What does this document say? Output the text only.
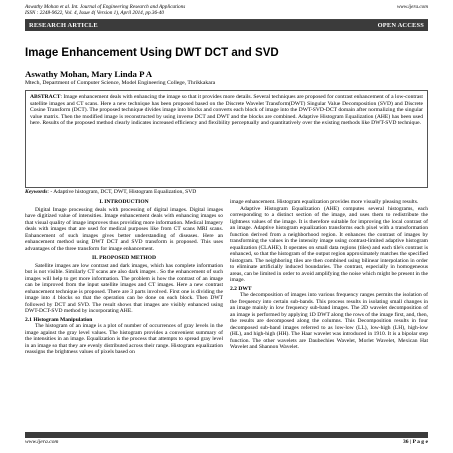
Aswathy Mohan et al. Int. Journal of Engineering Research and Applications
ISSN : 2248-9622, Vol. 4, Issue 4( Version 1), April 2014, pp.36-40
www.ijera.com
RESEARCH ARTICLE	OPEN ACCESS
Image Enhancement Using DWT DCT and SVD
Aswathy Mohan, Mary Linda P A
Mtech, Department of Computer Science, Model Engineering College, Thrikkakara
ABSTRACT: Image enhancement deals with enhancing the image so that it provides more details. Several techniques are proposed for contrast enhancement of a low-contrast satellite images and CT scans. Here a new technique has been proposed based on the Discrete Wavelet Transform(DWT) Singular Value Decomposition (SVD) and Discrete Cosine Transform (DCT). The proposed technique divides image into blocks and converts each block of image into the DWT-SVD-DCT domain after normalizing the singular value matrix. Then the modified image is reconstructed by using inverse DCT and DWT and the blocks are combined. Adaptive Histogram Equalization (AHE) has been used here. Results of the proposed method clearly indicates increased efficiency and flexibility perceptually and quantitatively over the existing methods like DWT-SVD technique.
Keywords: - Adaptive histogram, DCT, DWT, Histogram Equalization, SVD
I. INTRODUCTION

Digital Image processing deals with processing of digital images. Digital images have digitized value of intensities. Image enhancement deals with enhancing images so that visual quality of image improves thus providing more information. Medical Imagery deals with images that are used for medical purposes like from CT scans MRI scans. Enhancement of such images gives better understanding of diseases. Here an enhancement method using DWT DCT and SVD transform is proposed. This uses advantages of the three transform for image enhancement.

II. PROPOSED METHOD

Satellite images are low contrast and dark images, which has complete information but is not visible. Similarly CT scans are also dark images . So the enhancement of such images will help to get more information. The problem is how the contrast of an image can be improved from the input satellite images and CT images. Here a new contrast enhancement technique is proposed. There are 3 parts involved. First one is dividing the image into 4 blocks so that the operation can be done on each block. Then DWT followed by DCT and SVD. The result shows that images are visibly enhanced using DWT-DCT-SVD method by incorporating AHE.

2.1 Histogram Manipulation

The histogram of an image is a plot of number of occurrences of gray levels in the image against the gray level values. The histogram provides a convenient summary of the intensities in an image. Equalization is the process that attempts to spread gray level in an image so that they are evenly distributed across their range. Histogram equalization reassigns the brightness values of pixels based on

image enhancement. Histogram equalization provides more visually pleasing results.

Adaptive Histogram Equalization (AHE) computes several histograms, each corresponding to a distinct section of the image, and uses them to redistribute the lightness values of the image. It is therefore suitable for improving the local contrast of an image. Adaptive histogram equalization transforms each pixel with a transformation function derived from a neighborhood region. It enhances the contrast of images by transforming the values in the intensity image using contrast-limited adaptive histogram equalization (CLAHE). It operates on small data regions (tiles) and each tile's contrast is enhanced, so that the histogram of the output region approximately matches the specified histogram. The neighboring tiles are then combined using bilinear interpolation in order to eliminate artificially induced boundaries. The contrast, especially in homogeneous areas, can be limited in order to avoid amplifying the noise which might be present in the image.

2.2 DWT

The decomposition of images into various frequency ranges permits the isolation of the frequency into certain sub-bands. This process results in isolating small changes in an image mainly in low frequency sub-band images. The 2D wavelet decomposition of an image is performed by applying 1D DWT along the rows of the image first, and, then, the results are decomposed along the columns. This Decomposition results in four decomposed sub-band images referred to as low-low (LL), low-high (LH), high-low (HL), and high-high (HH). The Haar wavelet was introduced in 1910. It is a bipolar step function. The other wavelets are Daubechies Wavelet, Morlet Wavelet, Mexican Hat Wavelet and Shannon Wavelet.

www.ijera.com	36 | P a g e
